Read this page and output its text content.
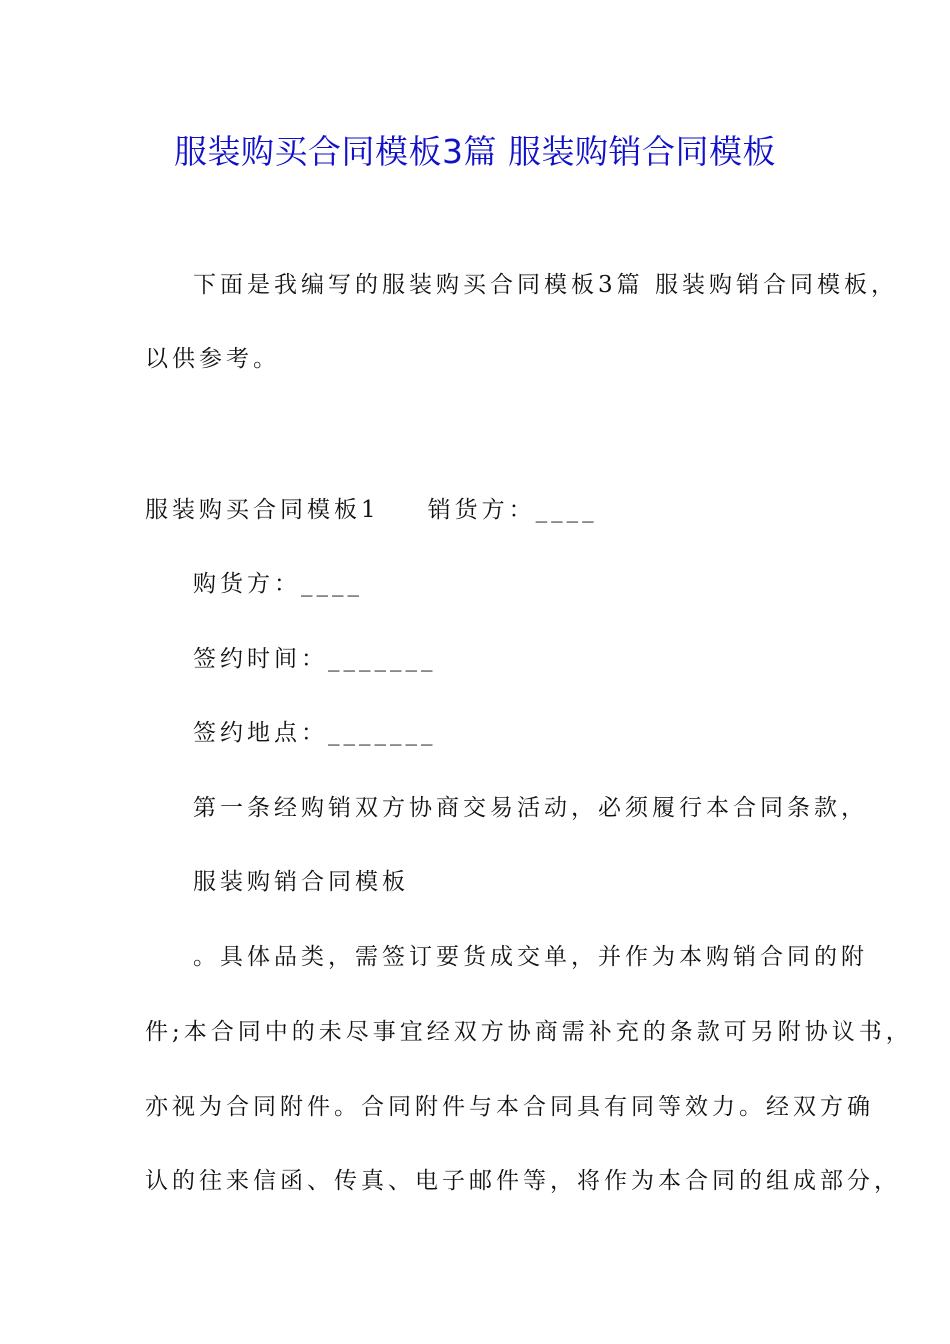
服装购买合同模板3篇 服装购销合同模板
下面是我编写的服装购买合同模板3篇 服装购销合同模板，
以供参考。
服装购买合同模板1 销货方：____
购货方：____
签约时间：_______
签约地点：_______
第一条经购销双方协商交易活动，必须履行本合同条款，
服装购销合同模板
。具体品类，需签订要货成交单，并作为本购销合同的附
件;本合同中的未尽事宜经双方协商需补充的条款可另附协议书，
亦视为合同附件。合同附件与本合同具有同等效力。经双方确
认的往来信函、传真、电子邮件等，将作为本合同的组成部分，
